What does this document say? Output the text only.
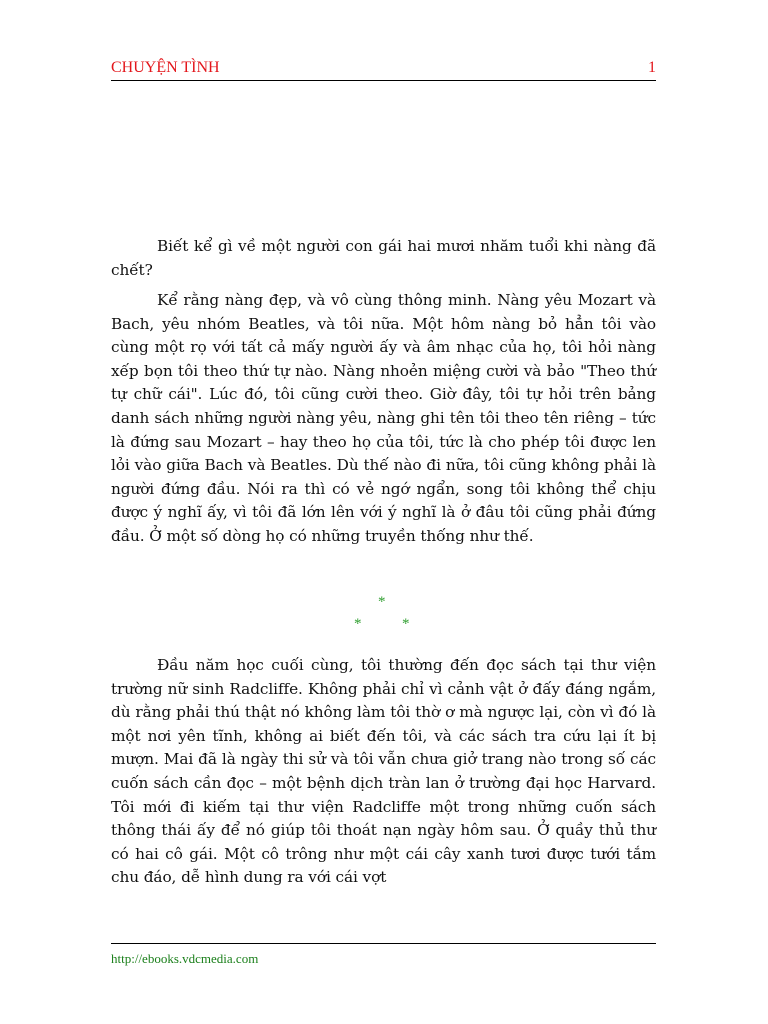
CHUYỆN TÌNH	1

Biết kể gì về một người con gái hai mươi nhăm tuổi khi nàng đã chết?

Kể rằng nàng đẹp, và vô cùng thông minh. Nàng yêu Mozart và Bach, yêu nhóm Beatles, và tôi nữa. Một hôm nàng bỏ hẳn tôi vào cùng một rọ với tất cả mấy người ấy và âm nhạc của họ, tôi hỏi nàng xếp bọn tôi theo thứ tự nào. Nàng nhoẻn miệng cười và bảo "Theo thứ tự chữ cái". Lúc đó, tôi cũng cười theo. Giờ đây, tôi tự hỏi trên bảng danh sách những người nàng yêu, nàng ghi tên tôi theo tên riêng – tức là đứng sau Mozart – hay theo họ của tôi, tức là cho phép tôi được len lỏi vào giữa Bach và Beatles. Dù thế nào đi nữa, tôi cũng không phải là người đứng đầu. Nói ra thì có vẻ ngớ ngẩn, song tôi không thể chịu được ý nghĩ ấy, vì tôi đã lớn lên với ý nghĩ là ở đâu tôi cũng phải đứng đầu. Ở một số dòng họ có những truyền thống như thế.

*
*	*

Đầu năm học cuối cùng, tôi thường đến đọc sách tại thư viện trường nữ sinh Radcliffe. Không phải chỉ vì cảnh vật ở đấy đáng ngắm, dù rằng phải thú thật nó không làm tôi thờ ơ mà ngược lại, còn vì đó là một nơi yên tĩnh, không ai biết đến tôi, và các sách tra cứu lại ít bị mượn. Mai đã là ngày thi sử và tôi vẫn chưa giở trang nào trong số các cuốn sách cần đọc – một bệnh dịch tràn lan ở trường đại học Harvard. Tôi mới đi kiếm tại thư viện Radcliffe một trong những cuốn sách thông thái ấy để nó giúp tôi thoát nạn ngày hôm sau. Ở quầy thủ thư có hai cô gái. Một cô trông như một cái cây xanh tươi được tưới tắm chu đáo, dễ hình dung ra với cái vợt

http://ebooks.vdcmedia.com
